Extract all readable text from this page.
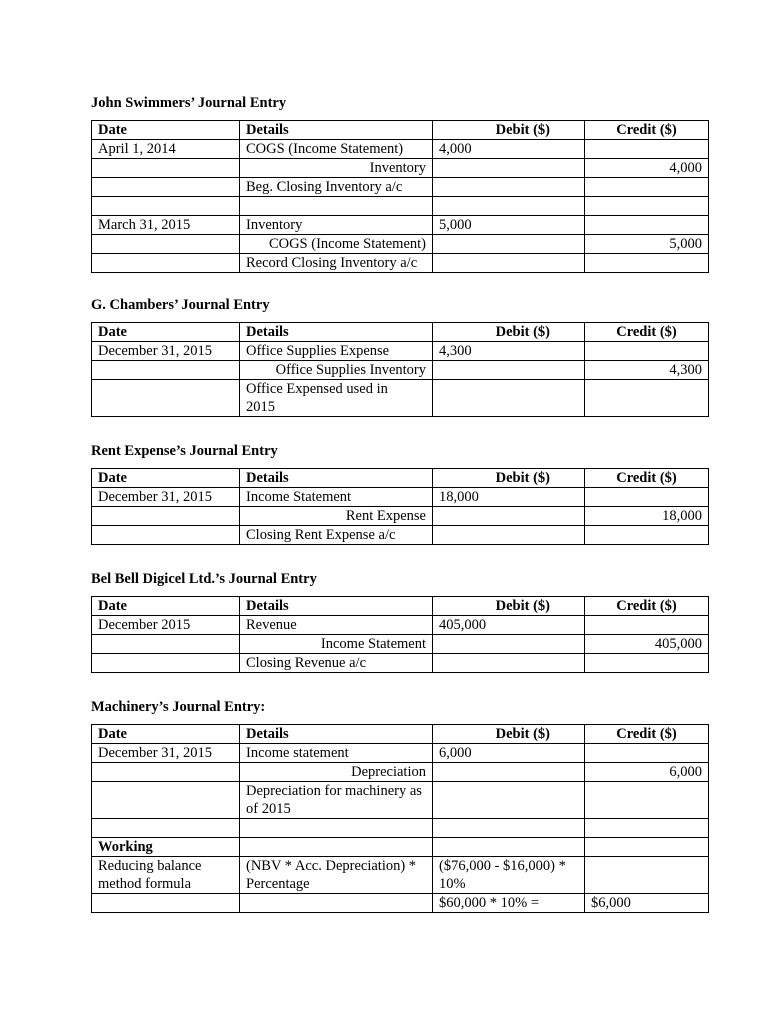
John Swimmers’ Journal Entry
Date	Details	Debit ($)	Credit ($)
April 1, 2014	COGS (Income Statement)	4,000	
	Inventory		4,000
	Beg. Closing Inventory a/c		

March 31, 2015	Inventory	5,000	
	COGS (Income Statement)		5,000
	Record Closing Inventory a/c		
G. Chambers’ Journal Entry
Date	Details	Debit ($)	Credit ($)
December 31, 2015	Office Supplies Expense	4,300	
	Office Supplies Inventory		4,300
	Office Expensed used in 2015		
Rent Expense’s Journal Entry
Date	Details	Debit ($)	Credit ($)
December 31, 2015	Income Statement	18,000	
	Rent Expense		18,000
	Closing Rent Expense a/c		
Bel Bell Digicel Ltd.’s Journal Entry
Date	Details	Debit ($)	Credit ($)
December 2015	Revenue	405,000	
	Income Statement		405,000
	Closing Revenue a/c		
Machinery’s Journal Entry:
Date	Details	Debit ($)	Credit ($)
December 31, 2015	Income statement	6,000	
	Depreciation		6,000
	Depreciation for machinery as of 2015		

Working			
Reducing balance method formula	(NBV * Acc. Depreciation) * Percentage	($76,000 - $16,000) * 10%	
		$60,000 * 10% =	$6,000
